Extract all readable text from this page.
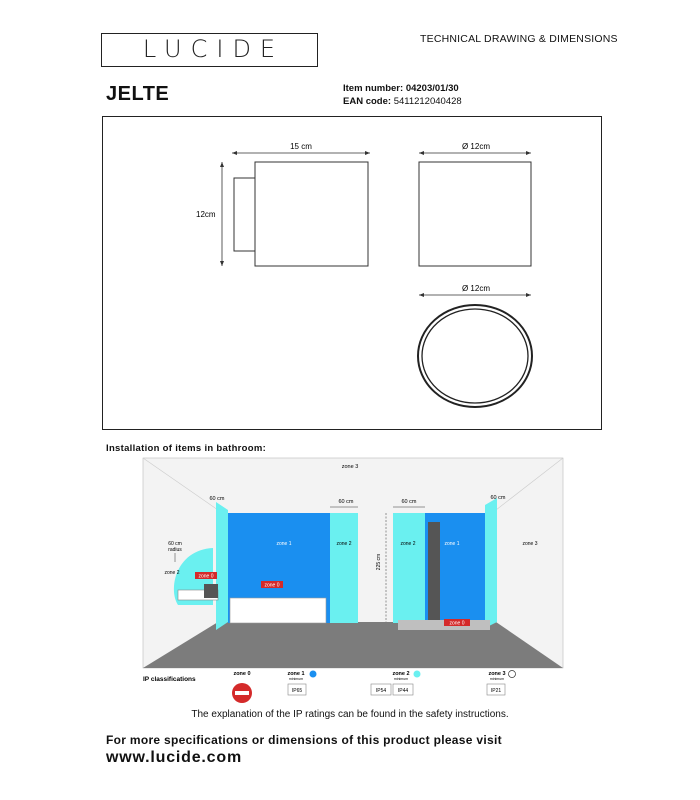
LUCIDE	TECHNICAL DRAWING & DIMENSIONS
JELTE	Item number: 04203/01/30
EAN code: 5411212040428
15 cm
12cm
Ø 12cm
Ø 12cm
Installation of items in bathroom:
zone 3
zone 0
zone 0
zone 0
60 cm	60 cm	60 cm
60 cm
60 cm
radius
zone 1	zone 2
zone 2
zone 2	zone 1	zone 3
225 cm
IP classifications
zone 0	zone 1
minimum
IP65
zone 2
minimum
IP54 IP44
zone 3
minimum
IP21
The explanation of the IP ratings can be found in the safety instructions.
For more specifications or dimensions of this product please visit
www.lucide.com
